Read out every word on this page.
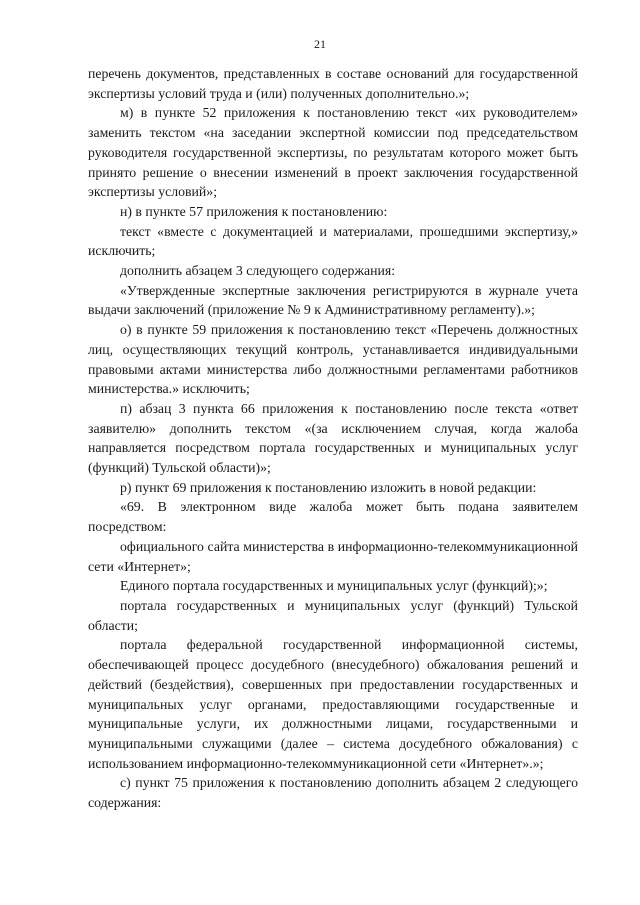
21

перечень документов, представленных в составе оснований для государственной экспертизы условий труда и (или) полученных дополнительно.»;

м) в пункте 52 приложения к постановлению текст «их руководителем» заменить текстом «на заседании экспертной комиссии под председательством руководителя государственной экспертизы, по результатам которого может быть принято решение о внесении изменений в проект заключения государственной экспертизы условий»;

н) в пункте 57 приложения к постановлению:

текст «вместе с документацией и материалами, прошедшими экспертизу,» исключить;

дополнить абзацем 3 следующего содержания:

«Утвержденные экспертные заключения регистрируются в журнале учета выдачи заключений (приложение № 9 к Административному регламенту).»;

о) в пункте 59 приложения к постановлению текст «Перечень должностных лиц, осуществляющих текущий контроль, устанавливается индивидуальными правовыми актами министерства либо должностными регламентами работников министерства.» исключить;

п) абзац 3 пункта 66 приложения к постановлению после текста «ответ заявителю» дополнить текстом «(за исключением случая, когда жалоба направляется посредством портала государственных и муниципальных услуг (функций) Тульской области)»;

р) пункт 69 приложения к постановлению изложить в новой редакции:

«69. В электронном виде жалоба может быть подана заявителем посредством:

официального сайта министерства в информационно-телекоммуникационной сети «Интернет»;

Единого портала государственных и муниципальных услуг (функций);»;

портала государственных и муниципальных услуг (функций) Тульской области;

портала федеральной государственной информационной системы, обеспечивающей процесс досудебного (внесудебного) обжалования решений и действий (бездействия), совершенных при предоставлении государственных и муниципальных услуг органами, предоставляющими государственные и муниципальные услуги, их должностными лицами, государственными и муниципальными служащими (далее – система досудебного обжалования) с использованием информационно-телекоммуникационной сети «Интернет».»;

с) пункт 75 приложения к постановлению дополнить абзацем 2 следующего содержания:
